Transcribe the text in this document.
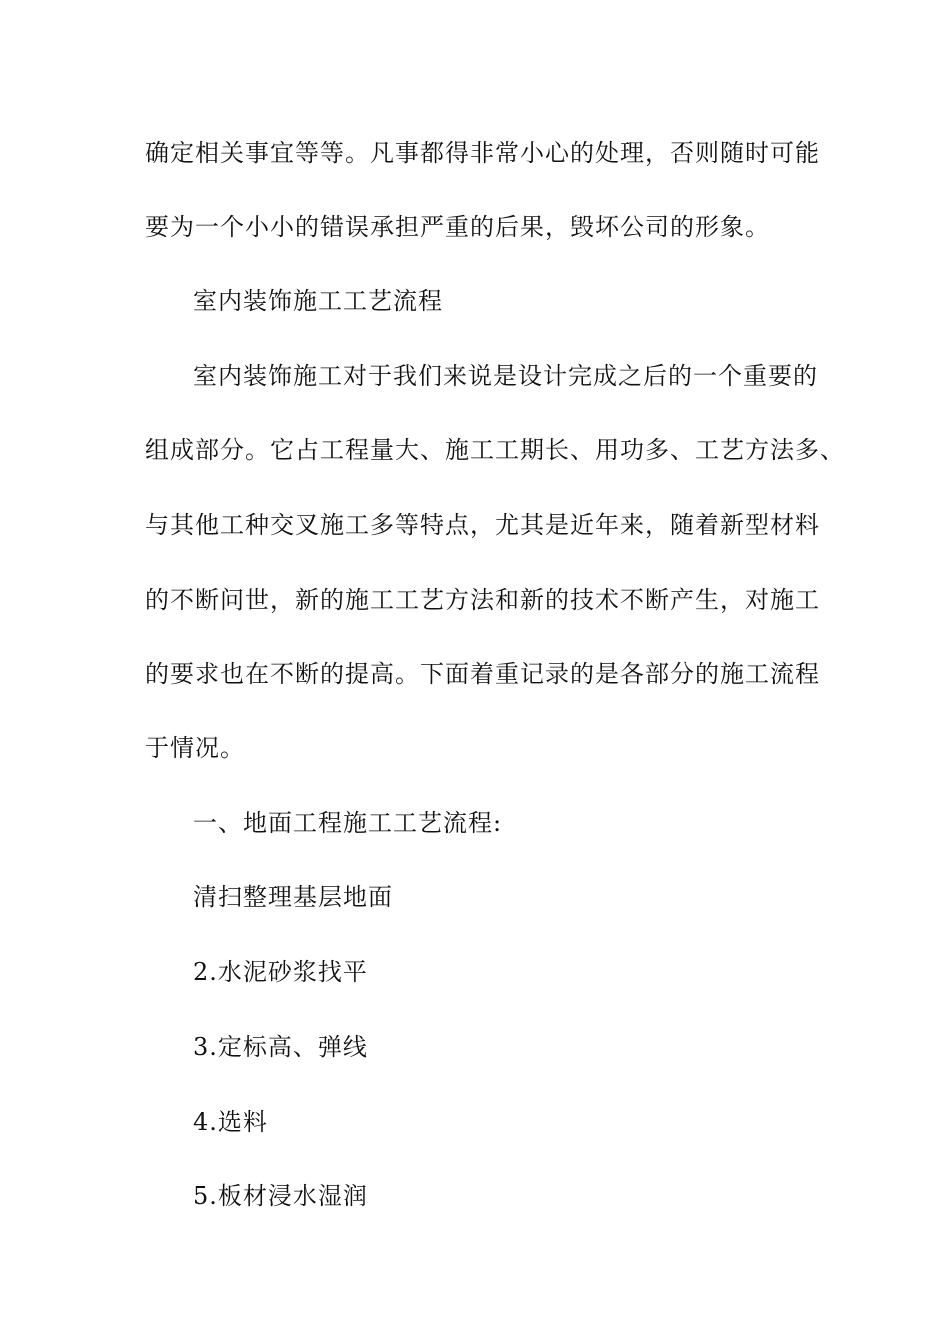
确定相关事宜等等。凡事都得非常小心的处理，否则随时可能

要为一个小小的错误承担严重的后果，毁坏公司的形象。

室内装饰施工工艺流程

室内装饰施工对于我们来说是设计完成之后的一个重要的

组成部分。它占工程量大、施工工期长、用功多、工艺方法多、

与其他工种交叉施工多等特点，尤其是近年来，随着新型材料

的不断问世，新的施工工艺方法和新的技术不断产生，对施工

的要求也在不断的提高。下面着重记录的是各部分的施工流程

于情况。

一、地面工程施工工艺流程:

清扫整理基层地面

2.水泥砂浆找平

3.定标高、弹线

4.选料

5.板材浸水湿润
